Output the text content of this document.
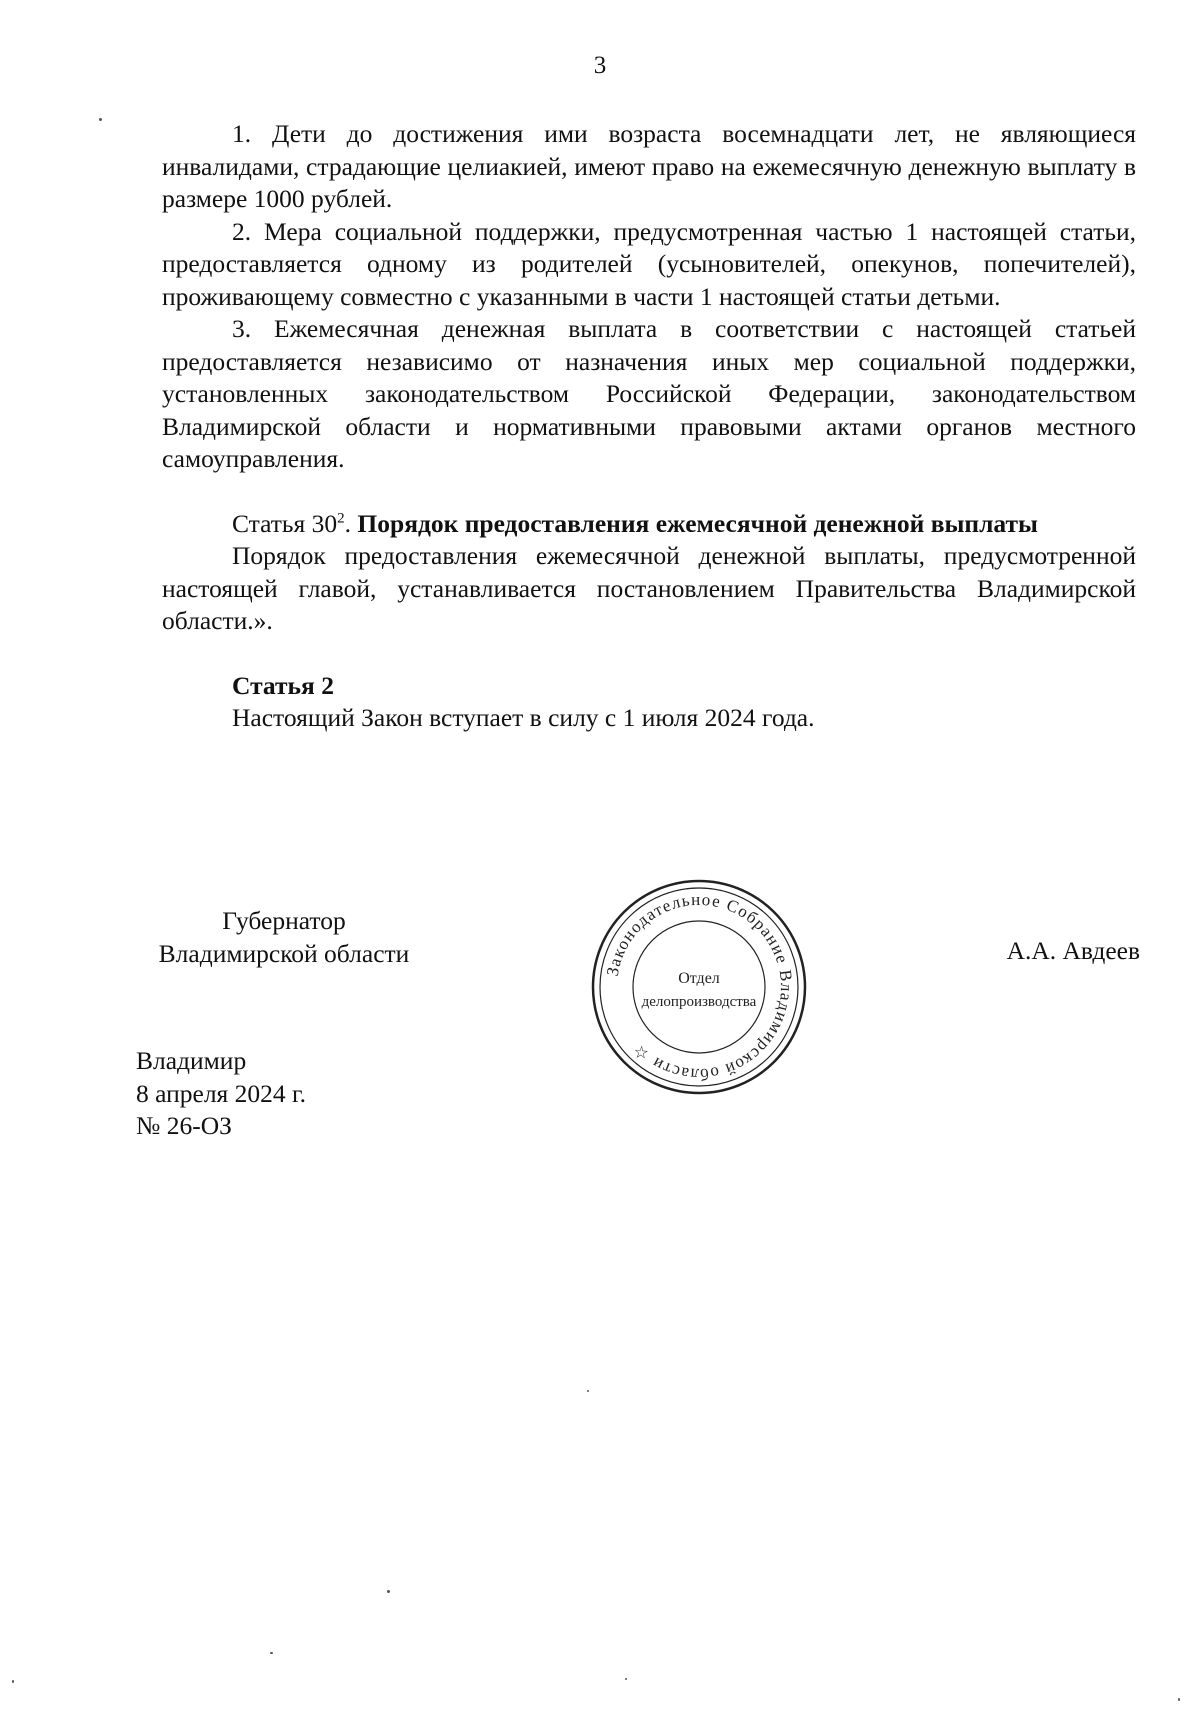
3

1. Дети до достижения ими возраста восемнадцати лет, не являющиеся инвалидами, страдающие целиакией, имеют право на ежемесячную денежную выплату в размере 1000 рублей.

2. Мера социальной поддержки, предусмотренная частью 1 настоящей статьи, предоставляется одному из родителей (усыновителей, опекунов, попечителей), проживающему совместно с указанными в части 1 настоящей статьи детьми.

3. Ежемесячная денежная выплата в соответствии с настоящей статьей предоставляется независимо от назначения иных мер социальной поддержки, установленных законодательством Российской Федерации, законодательством Владимирской области и нормативными правовыми актами органов местного самоуправления.

Статья $30^2$. Порядок предоставления ежемесячной денежной выплаты

Порядок предоставления ежемесячной денежной выплаты, предусмотренной настоящей главой, устанавливается постановлением Правительства Владимирской области.».

Статья 2

Настоящий Закон вступает в силу с 1 июля 2024 года.

Губернатор
Владимирской области
Законодательное Собрание Владимирской области ☆
Отдел
делопроизводства
А.А. Авдеев
Владимир
8 апреля 2024 г.
№ 26-ОЗ
